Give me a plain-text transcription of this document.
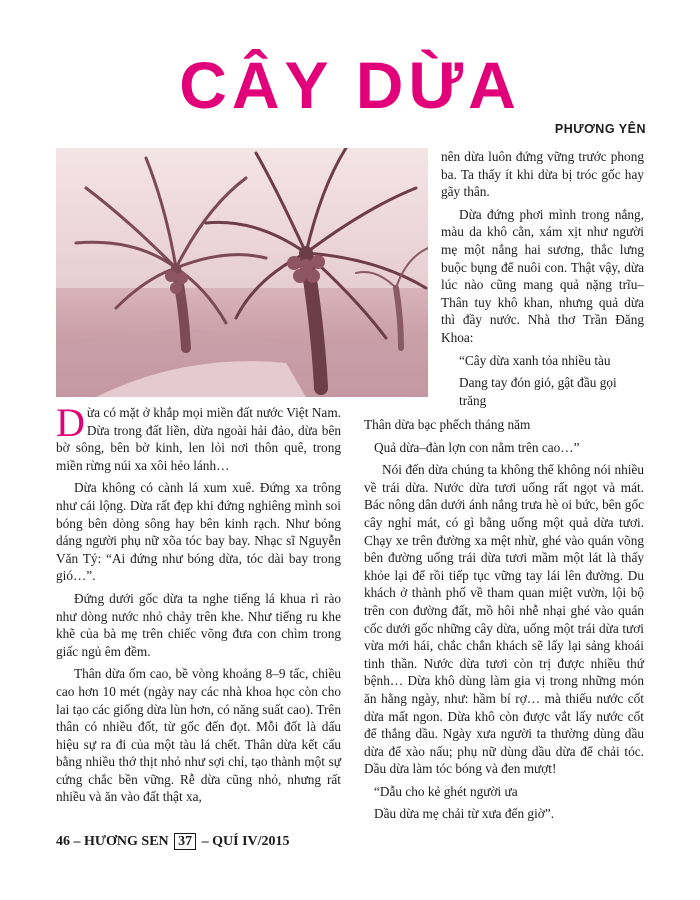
CÂY DỪA
PHƯƠNG YÊN

Dừa có mặt ở khắp mọi miền đất nước Việt Nam. Dừa trong đất liền, dừa ngoài hải đảo, dừa bên bờ sông, bên bờ kinh, len lỏi nơi thôn quê, trong miền rừng núi xa xôi hẻo lánh…

Dừa không có cành lá xum xuê. Đứng xa trông như cái lộng. Dừa rất đẹp khi đứng nghiêng mình soi bóng bên dòng sông hay bên kinh rạch. Như bóng dáng người phụ nữ xõa tóc bay bay. Nhạc sĩ Nguyễn Văn Tý: “Ai đứng như bóng dừa, tóc dài bay trong gió…”.

Đứng dưới gốc dừa ta nghe tiếng lá khua rì rào như dòng nước nhỏ chảy trên khe. Như tiếng ru khe khẽ của bà mẹ trên chiếc võng đưa con chìm trong giấc ngủ êm đềm.

Thân dừa ốm cao, bề vòng khoảng 8–9 tấc, chiều cao hơn 10 mét (ngày nay các nhà khoa học còn cho lai tạo các giống dừa lùn hơn, có năng suất cao). Trên thân có nhiều đốt, từ gốc đến đọt. Mỗi đốt là dấu hiệu sự ra đi của một tàu lá chết. Thân dừa kết cấu bằng nhiều thớ thịt nhỏ như sợi chỉ, tạo thành một sự cứng chắc bền vững. Rễ dừa cũng nhỏ, nhưng rất nhiều và ăn vào đất thật xa,

nên dừa luôn đứng vững trước phong ba. Ta thấy ít khi dừa bị tróc gốc hay gãy thân.

Dừa đứng phơi mình trong nắng, màu da khô cằn, xám xịt như người mẹ một nắng hai sương, thắc lưng buộc bụng để nuôi con. Thật vậy, dừa lúc nào cũng mang quả nặng trĩu–Thân tuy khô khan, nhưng quả dừa thì đầy nước. Nhà thơ Trần Đăng Khoa:

“Cây dừa xanh tỏa nhiều tàu

Dang tay đón gió, gật đầu gọi trăng

Thân dừa bạc phếch tháng năm

Quả dừa–đàn lợn con nằm trên cao…”

Nói đến dừa chúng ta không thể không nói nhiều về trái dừa. Nước dừa tươi uống rất ngọt và mát. Bác nông dân dưới ánh nắng trưa hè oi bức, bên gốc cây nghỉ mát, có gì bằng uống một quả dừa tươi. Chạy xe trên đường xa mệt nhừ, ghé vào quán võng bên đường uống trái dừa tươi mầm một lát là thấy khỏe lại để rồi tiếp tục vững tay lái lên đường. Du khách ở thành phố về tham quan miệt vườn, lội bộ trên con đường đất, mồ hôi nhễ nhại ghé vào quán cốc dưới gốc những cây dừa, uống một trái dừa tươi vừa mới hái, chắc chắn khách sẽ lấy lại sảng khoái tinh thần. Nước dừa tươi còn trị được nhiều thứ bệnh… Dừa khô dùng làm gia vị trong những món ăn hằng ngày, như: hầm bí rợ… mà thiếu nước cốt dừa mất ngon. Dừa khô còn được vắt lấy nước cốt để thắng dầu. Ngày xưa người ta thường dùng dầu dừa để xào nấu; phụ nữ dùng dầu dừa để chải tóc. Dầu dừa làm tóc bóng và đen mượt!

“Dẫu cho kẻ ghét người ưa

Dầu dừa mẹ chải từ xưa đến giờ”.

46 – HƯƠNG SEN 37 – QUÍ IV/2015
